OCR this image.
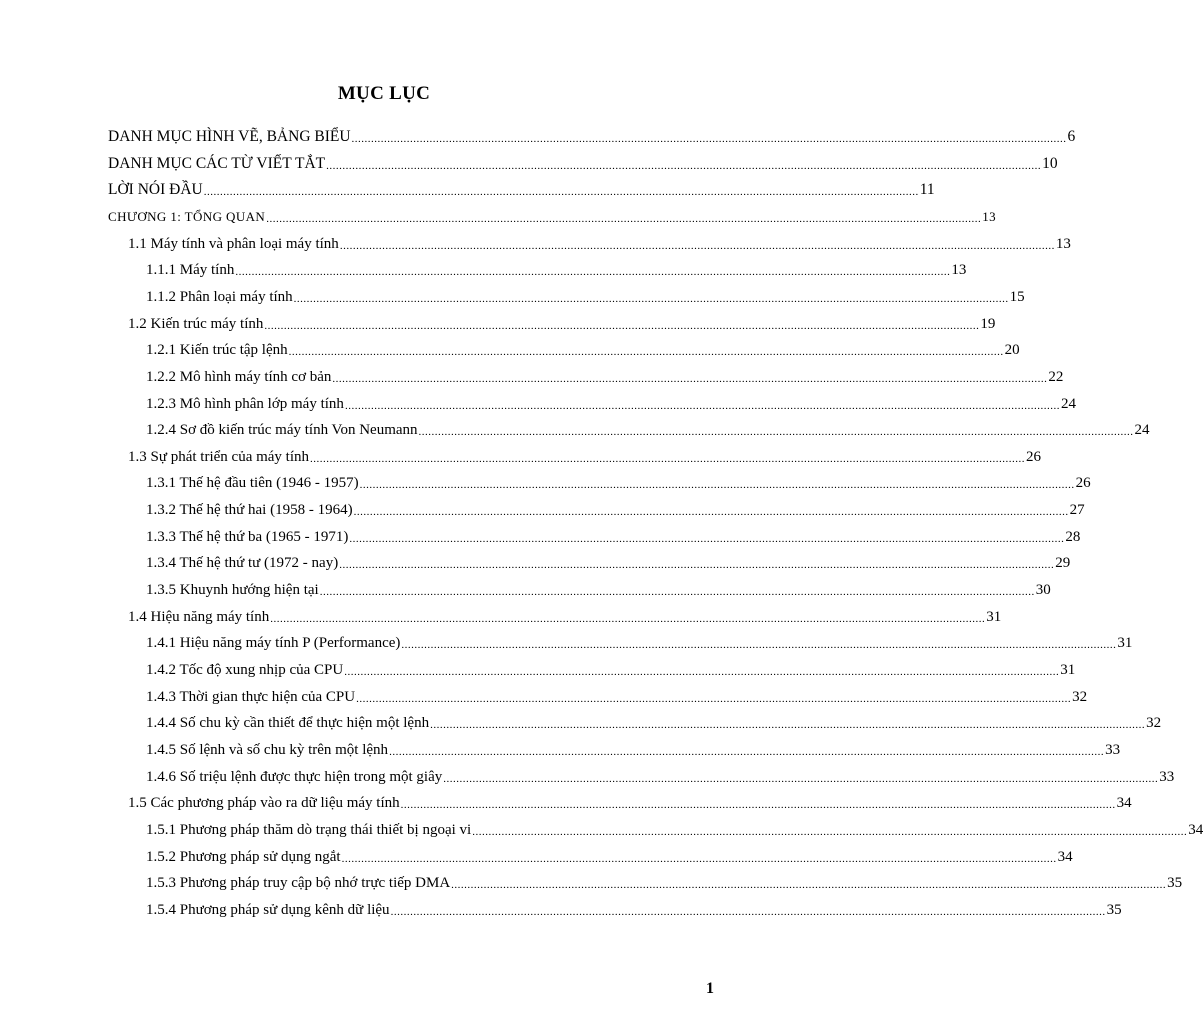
MỤC LỤC
DANH MỤC HÌNH VẼ, BẢNG BIỂU ............................................................................................................................................................................................................................ 6
DANH MỤC CÁC TỪ VIẾT TẮT ............................................................................................................................................................................................................................ 10
LỜI NÓI ĐẦU ............................................................................................................................................................................................................................ 11
CHƯƠNG 1: TỔNG QUAN ............................................................................................................................................................................................................................ 13
1.1 Máy tính và phân loại máy tính ............................................................................................................................................................................................................................ 13
1.1.1 Máy tính ............................................................................................................................................................................................................................ 13
1.1.2 Phân loại máy tính ............................................................................................................................................................................................................................ 15
1.2 Kiến trúc máy tính ............................................................................................................................................................................................................................ 19
1.2.1 Kiến trúc tập lệnh ............................................................................................................................................................................................................................ 20
1.2.2 Mô hình máy tính cơ bản ............................................................................................................................................................................................................................ 22
1.2.3 Mô hình phân lớp máy tính ............................................................................................................................................................................................................................ 24
1.2.4 Sơ đồ kiến trúc máy tính Von Neumann ............................................................................................................................................................................................................................ 24
1.3 Sự phát triển của máy tính ............................................................................................................................................................................................................................ 26
1.3.1 Thế hệ đầu tiên (1946 - 1957) ............................................................................................................................................................................................................................ 26
1.3.2 Thế hệ thứ hai (1958 - 1964) ............................................................................................................................................................................................................................ 27
1.3.3 Thế hệ thứ ba (1965 - 1971) ............................................................................................................................................................................................................................ 28
1.3.4 Thế hệ thứ tư (1972 - nay) ............................................................................................................................................................................................................................ 29
1.3.5 Khuynh hướng hiện tại ............................................................................................................................................................................................................................ 30
1.4 Hiệu năng máy tính ............................................................................................................................................................................................................................ 31
1.4.1 Hiệu năng máy tính P (Performance) ............................................................................................................................................................................................................................ 31
1.4.2 Tốc độ xung nhịp của CPU ............................................................................................................................................................................................................................ 31
1.4.3 Thời gian thực hiện của CPU ............................................................................................................................................................................................................................ 32
1.4.4 Số chu kỳ cần thiết để thực hiện một lệnh ............................................................................................................................................................................................................................ 32
1.4.5 Số lệnh và số chu kỳ trên một lệnh ............................................................................................................................................................................................................................ 33
1.4.6 Số triệu lệnh được thực hiện trong một giây ............................................................................................................................................................................................................................ 33
1.5 Các phương pháp vào ra dữ liệu máy tính ............................................................................................................................................................................................................................ 34
1.5.1 Phương pháp thăm dò trạng thái thiết bị ngoại vi ............................................................................................................................................................................................................................ 34
1.5.2 Phương pháp sử dụng ngắt ............................................................................................................................................................................................................................ 34
1.5.3 Phương pháp truy cập bộ nhớ trực tiếp DMA ............................................................................................................................................................................................................................ 35
1.5.4 Phương pháp sử dụng kênh dữ liệu ............................................................................................................................................................................................................................ 35
1
